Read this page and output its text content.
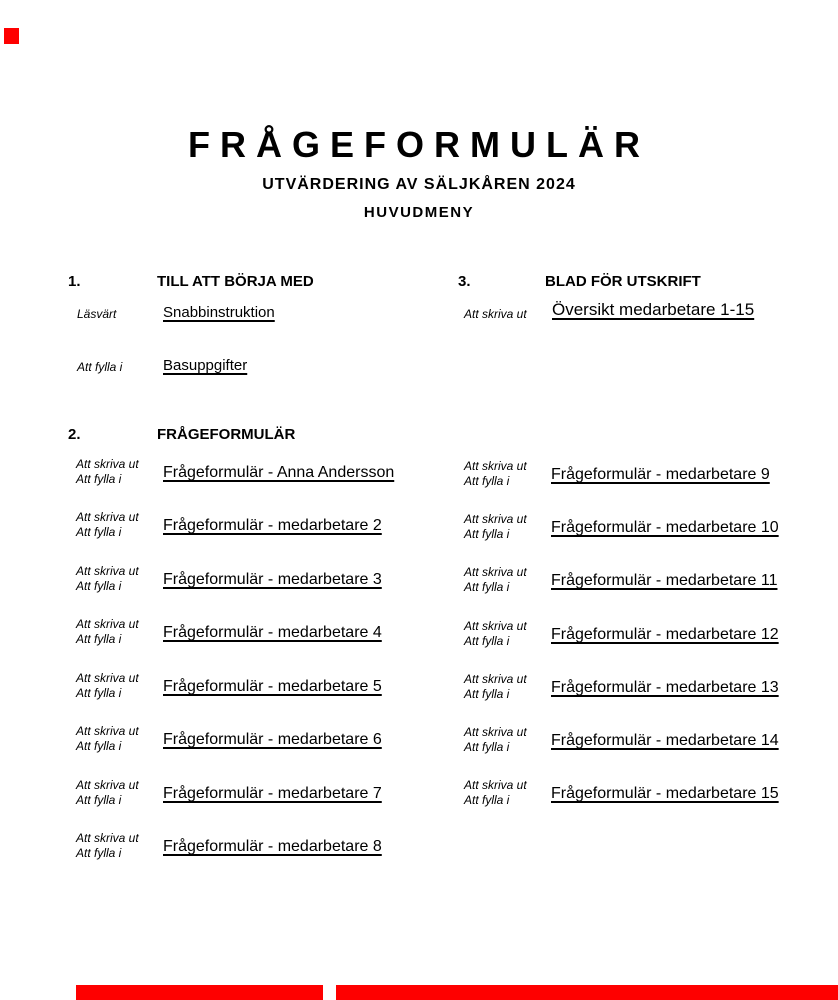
FRÅGEFORMULÄR
UTVÄRDERING AV SÄLJKÅREN 2024
HUVUDMENY
1.	TILL ATT BÖRJA MED
Läsvärt	Snabbinstruktion
Att fylla i	Basuppgifter
3.	BLAD FÖR UTSKRIFT
Att skriva ut Översikt medarbetare 1-15
2.	FRÅGEFORMULÄR
Att skriva ut
Att fylla i	Frågeformulär - Anna Andersson
Att skriva ut
Att fylla i	Frågeformulär - medarbetare 2
Att skriva ut
Att fylla i	Frågeformulär - medarbetare 3
Att skriva ut
Att fylla i	Frågeformulär - medarbetare 4
Att skriva ut
Att fylla i	Frågeformulär - medarbetare 5
Att skriva ut
Att fylla i	Frågeformulär - medarbetare 6
Att skriva ut
Att fylla i	Frågeformulär - medarbetare 7
Att skriva ut
Att fylla i	Frågeformulär - medarbetare 8
Att skriva ut
Att fylla i	Frågeformulär - medarbetare 9
Att skriva ut
Att fylla i	Frågeformulär - medarbetare 10
Att skriva ut
Att fylla i	Frågeformulär - medarbetare 11
Att skriva ut
Att fylla i	Frågeformulär - medarbetare 12
Att skriva ut
Att fylla i	Frågeformulär - medarbetare 13
Att skriva ut
Att fylla i	Frågeformulär - medarbetare 14
Att skriva ut
Att fylla i	Frågeformulär - medarbetare 15
